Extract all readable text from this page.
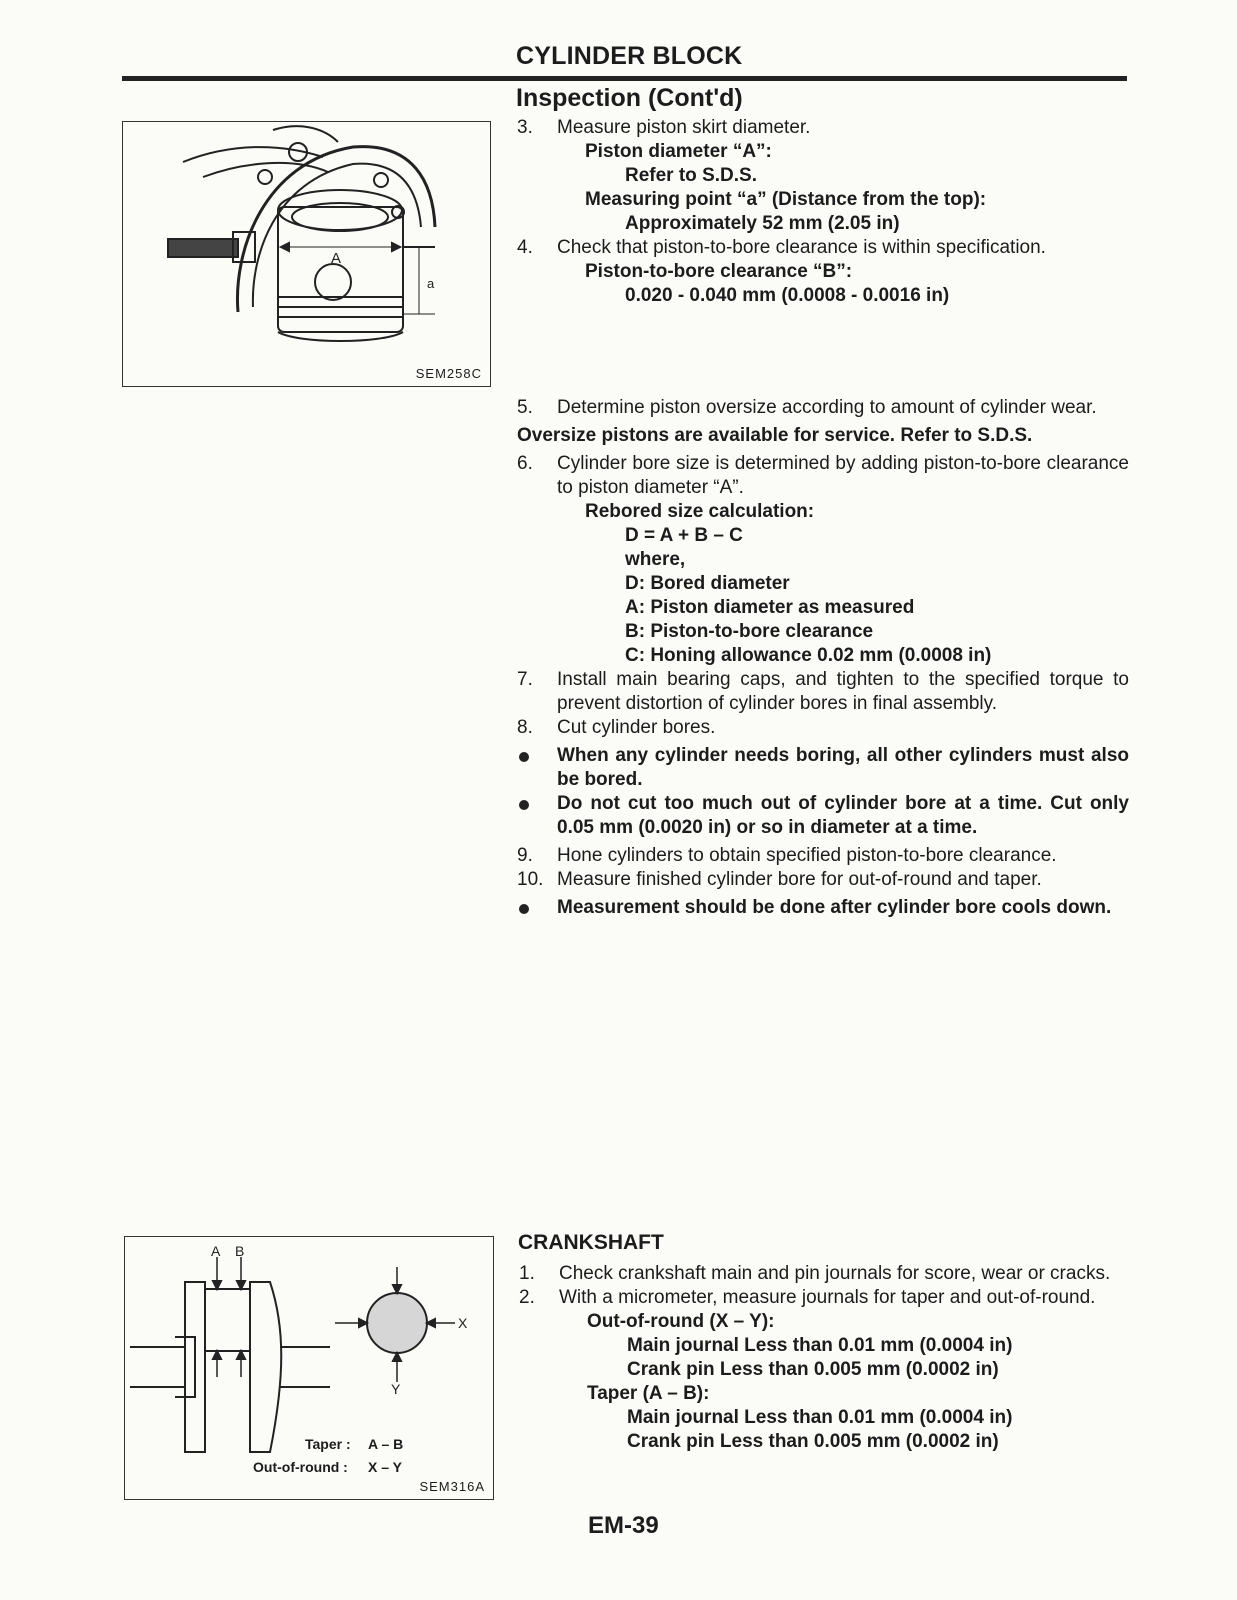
CYLINDER BLOCK
Inspection (Cont'd)
A
a
SEM258C
3. Measure piston skirt diameter.
Piston diameter “A”:
Refer to S.D.S.
Measuring point “a” (Distance from the top):
Approximately 52 mm (2.05 in)
4. Check that piston-to-bore clearance is within specification.
Piston-to-bore clearance “B”:
0.020 - 0.040 mm (0.0008 - 0.0016 in)
5. Determine piston oversize according to amount of cylinder wear.
Oversize pistons are available for service. Refer to S.D.S.
6. Cylinder bore size is determined by adding piston-to-bore clearance to piston diameter “A”.
Rebored size calculation:
D = A + B – C
where,
D: Bored diameter
A: Piston diameter as measured
B: Piston-to-bore clearance
C: Honing allowance 0.02 mm (0.0008 in)
7. Install main bearing caps, and tighten to the specified torque to prevent distortion of cylinder bores in final assembly.
8. Cut cylinder bores.
When any cylinder needs boring, all other cylinders must also be bored.
Do not cut too much out of cylinder bore at a time. Cut only 0.05 mm (0.0020 in) or so in diameter at a time.
9. Hone cylinders to obtain specified piston-to-bore clearance.
10. Measure finished cylinder bore for out-of-round and taper.
Measurement should be done after cylinder bore cools down.
A B
X
Y
Taper : A – B
Out-of-round : X – Y
SEM316A
CRANKSHAFT
1. Check crankshaft main and pin journals for score, wear or cracks.
2. With a micrometer, measure journals for taper and out-of-round.
Out-of-round (X – Y):
Main journal Less than 0.01 mm (0.0004 in)
Crank pin Less than 0.005 mm (0.0002 in)
Taper (A – B):
Main journal Less than 0.01 mm (0.0004 in)
Crank pin Less than 0.005 mm (0.0002 in)
EM-39
